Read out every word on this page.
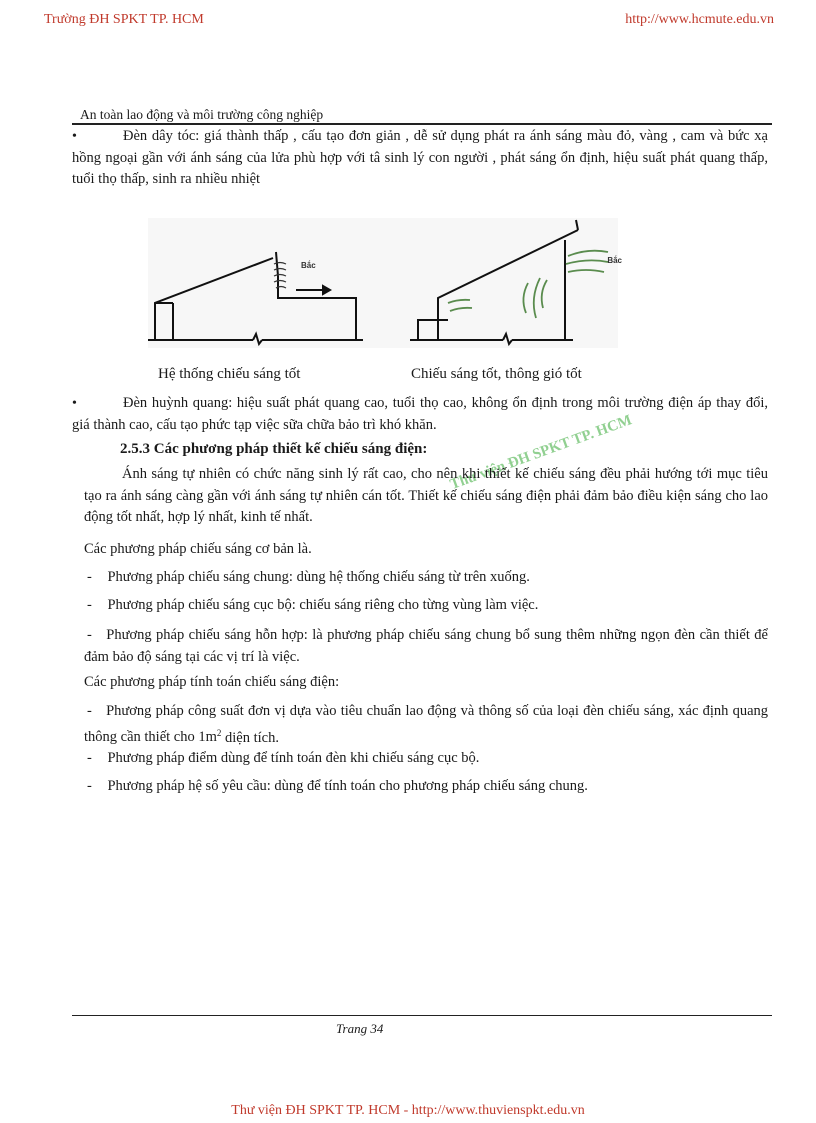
Trường ĐH SPKT TP. HCM	http://www.hcmute.edu.vn
An toàn lao động và môi trường công nghiệp
•	Đèn dây tóc: giá thành thấp , cấu tạo đơn giản , dễ sử dụng phát ra ánh sáng màu đỏ, vàng , cam và bức xạ hồng ngoại gần với ánh sáng của lửa phù hợp với tâ sinh lý con người , phát sáng ổn định, hiệu suất phát quang thấp, tuổi thọ thấp, sinh ra nhiều nhiệt
Bắc
Bắc
Hệ thống chiếu sáng tốt	Chiếu sáng tốt, thông gió tốt
•	Đèn huỳnh quang: hiệu suất phát quang cao, tuổi thọ cao, không ổn định trong môi trường điện áp thay đổi, giá thành cao, cấu tạo phức tạp việc sữa chữa bảo trì khó khăn.
2.5.3 Các phương pháp thiết kế chiếu sáng điện: Thư viện ĐH SPKT TP. HCM
Ánh sáng tự nhiên có chức năng sinh lý rất cao, cho nên khi thiết kế chiếu sáng đều phải hướng tới mục tiêu tạo ra ánh sáng càng gần với ánh sáng tự nhiên cán tốt. Thiết kế chiếu sáng điện phải đảm bảo điều kiện sáng cho lao động tốt nhất, hợp lý nhất, kinh tế nhất.
Các phương pháp chiếu sáng cơ bản là.
- Phương pháp chiếu sáng chung: dùng hệ thống chiếu sáng từ trên xuống.
- Phương pháp chiếu sáng cục bộ: chiếu sáng riêng cho từng vùng làm việc.
- Phương pháp chiếu sáng hỗn hợp: là phương pháp chiếu sáng chung bổ sung thêm những ngọn đèn cần thiết để đảm bảo độ sáng tại các vị trí là việc.
Các phương pháp tính toán chiếu sáng điện:
- Phương pháp công suất đơn vị dựa vào tiêu chuẩn lao động và thông số của loại đèn chiếu sáng, xác định quang thông cần thiết cho $1m^2$ diện tích.
- Phương pháp điểm dùng để tính toán đèn khi chiếu sáng cục bộ.
- Phương pháp hệ số yêu cầu: dùng để tính toán cho phương pháp chiếu sáng chung.
Trang 34
Thư viện ĐH SPKT TP. HCM - http://www.thuvienspkt.edu.vn
